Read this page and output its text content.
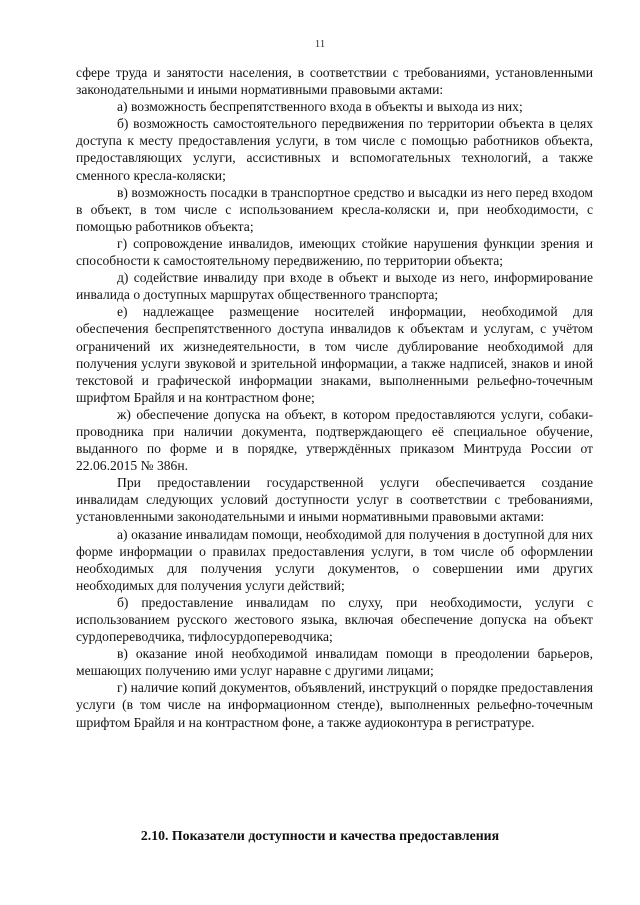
11

сфере труда и занятости населения, в соответствии с требованиями, установленными законодательными и иными нормативными правовыми актами:

а) возможность беспрепятственного входа в объекты и выхода из них;

б) возможность самостоятельного передвижения по территории объекта в целях доступа к месту предоставления услуги, в том числе с помощью работников объекта, предоставляющих услуги, ассистивных и вспомогательных технологий, а также сменного кресла-коляски;

в) возможность посадки в транспортное средство и высадки из него перед входом в объект, в том числе с использованием кресла-коляски и, при необходимости, с помощью работников объекта;

г) сопровождение инвалидов, имеющих стойкие нарушения функции зрения и способности к самостоятельному передвижению, по территории объекта;

д) содействие инвалиду при входе в объект и выходе из него, информирование инвалида о доступных маршрутах общественного транспорта;

е) надлежащее размещение носителей информации, необходимой для обеспечения беспрепятственного доступа инвалидов к объектам и услугам, с учётом ограничений их жизнедеятельности, в том числе дублирование необходимой для получения услуги звуковой и зрительной информации, а также надписей, знаков и иной текстовой и графической информации знаками, выполненными рельефно-точечным шрифтом Брайля и на контрастном фоне;

ж) обеспечение допуска на объект, в котором предоставляются услуги, собаки-проводника при наличии документа, подтверждающего её специальное обучение, выданного по форме и в порядке, утверждённых приказом Минтруда России от 22.06.2015 № 386н.

При предоставлении государственной услуги обеспечивается создание инвалидам следующих условий доступности услуг в соответствии с требованиями, установленными законодательными и иными нормативными правовыми актами:

а) оказание инвалидам помощи, необходимой для получения в доступной для них форме информации о правилах предоставления услуги, в том числе об оформлении необходимых для получения услуги документов, о совершении ими других необходимых для получения услуги действий;

б) предоставление инвалидам по слуху, при необходимости, услуги с использованием русского жестового языка, включая обеспечение допуска на объект сурдопереводчика, тифлосурдопереводчика;

в) оказание иной необходимой инвалидам помощи в преодолении барьеров, мешающих получению ими услуг наравне с другими лицами;

г) наличие копий документов, объявлений, инструкций о порядке предоставления услуги (в том числе на информационном стенде), выполненных рельефно-точечным шрифтом Брайля и на контрастном фоне, а также аудиоконтура в регистратуре.

2.10. Показатели доступности и качества предоставления
